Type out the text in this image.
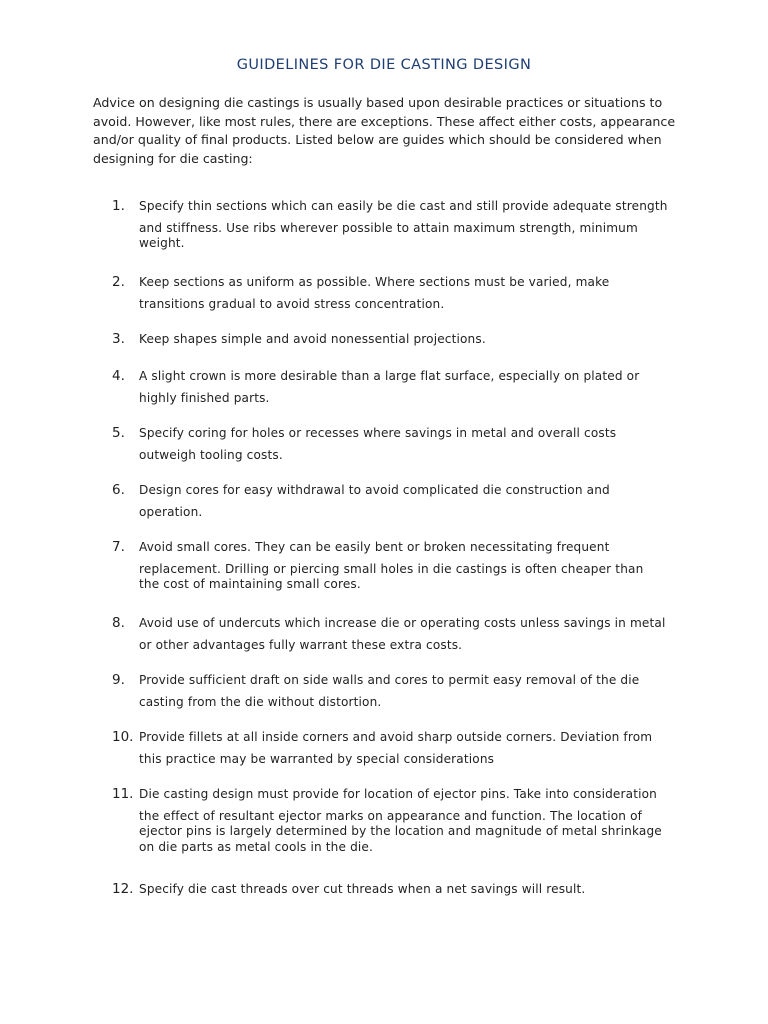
GUIDELINES FOR DIE CASTING DESIGN

Advice on designing die castings is usually based upon desirable practices or situations to avoid. However, like most rules, there are exceptions. These affect either costs, appearance and/or quality of final products. Listed below are guides which should be considered when designing for die casting:

1.	Specify thin sections which can easily be die cast and still provide adequate strength
and stiffness. Use ribs wherever possible to attain maximum strength, minimum
weight.
2.	Keep sections as uniform as possible. Where sections must be varied, make
transitions gradual to avoid stress concentration.
3.	Keep shapes simple and avoid nonessential projections.
4.	A slight crown is more desirable than a large flat surface, especially on plated or
highly finished parts.
5.	Specify coring for holes or recesses where savings in metal and overall costs
outweigh tooling costs.
6.	Design cores for easy withdrawal to avoid complicated die construction and
operation.
7.	Avoid small cores. They can be easily bent or broken necessitating frequent
replacement. Drilling or piercing small holes in die castings is often cheaper than
the cost of maintaining small cores.
8.	Avoid use of undercuts which increase die or operating costs unless savings in metal
or other advantages fully warrant these extra costs.
9.	Provide sufficient draft on side walls and cores to permit easy removal of the die
casting from the die without distortion.
10. Provide fillets at all inside corners and avoid sharp outside corners. Deviation from
this practice may be warranted by special considerations
11. Die casting design must provide for location of ejector pins. Take into consideration
the effect of resultant ejector marks on appearance and function. The location of
ejector pins is largely determined by the location and magnitude of metal shrinkage
on die parts as metal cools in the die.
12. Specify die cast threads over cut threads when a net savings will result.
